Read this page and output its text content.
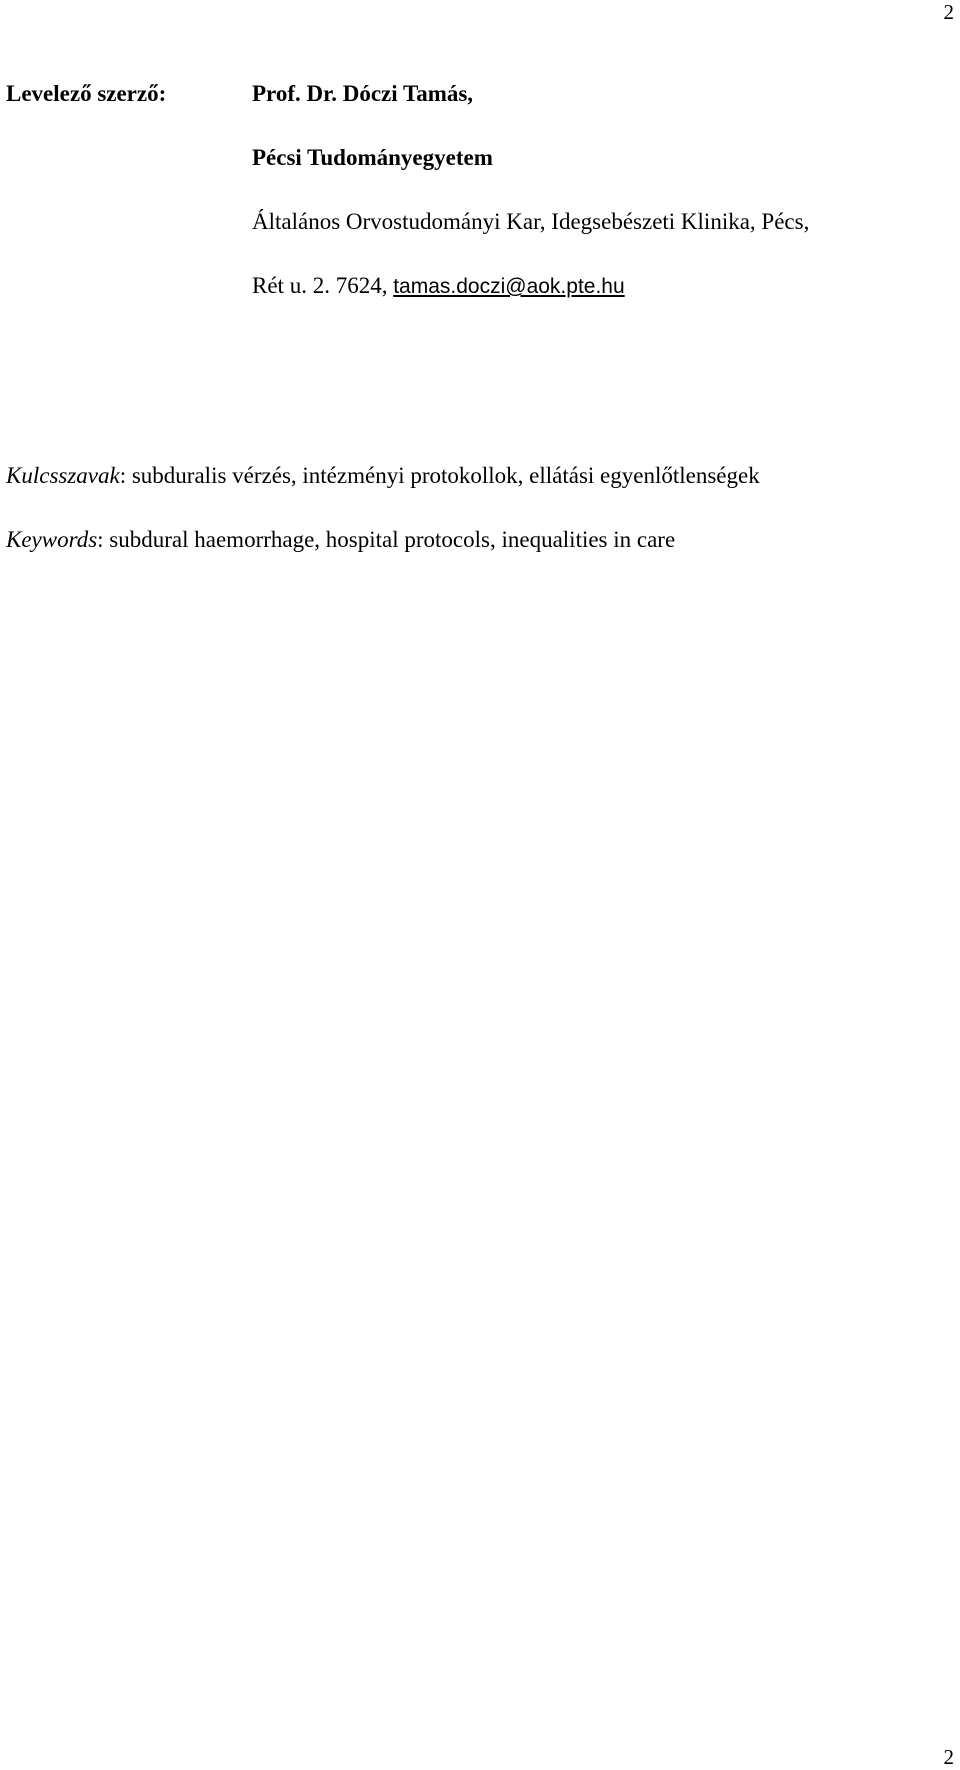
2
Levelező szerző:	Prof. Dr. Dóczi Tamás,
Pécsi Tudományegyetem
Általános Orvostudományi Kar, Idegsebészeti Klinika, Pécs,
Rét u. 2. 7624, tamas.doczi@aok.pte.hu
Kulcsszavak: subduralis vérzés, intézményi protokollok, ellátási egyenlőtlenségek
Keywords: subdural haemorrhage, hospital protocols, inequalities in care
2
